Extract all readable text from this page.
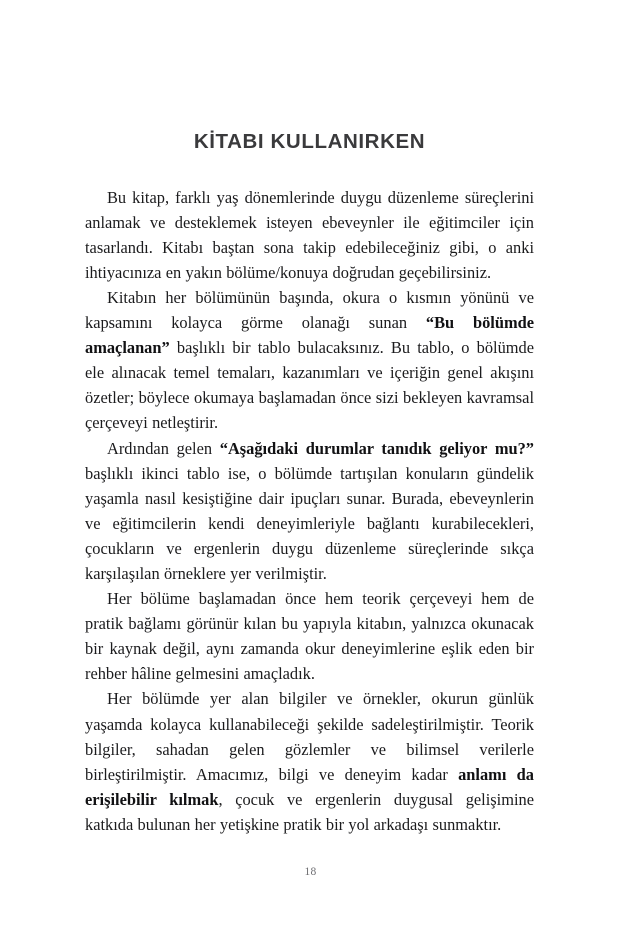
KİTABI KULLANIRKEN

Bu kitap, farklı yaş dönemlerinde duygu düzenleme süreçlerini anlamak ve desteklemek isteyen ebeveynler ile eğitimciler için tasarlandı. Kitabı baştan sona takip edebileceğiniz gibi, o anki ihtiyacınıza en yakın bölüme/konuya doğrudan geçebilirsiniz.

Kitabın her bölümünün başında, okura o kısmın yönünü ve kapsamını kolayca görme olanağı sunan “Bu bölümde amaçlanan” başlıklı bir tablo bulacaksınız. Bu tablo, o bölümde ele alınacak temel temaları, kazanımları ve içeriğin genel akışını özetler; böylece okumaya başlamadan önce sizi bekleyen kavramsal çerçeveyi netleştirir.

Ardından gelen “Aşağıdaki durumlar tanıdık geliyor mu?” başlıklı ikinci tablo ise, o bölümde tartışılan konuların gündelik yaşamla nasıl kesiştiğine dair ipuçları sunar. Burada, ebeveynlerin ve eğitimcilerin kendi deneyimleriyle bağlantı kurabilecekleri, çocukların ve ergenlerin duygu düzenleme süreçlerinde sıkça karşılaşılan örneklere yer verilmiştir.

Her bölüme başlamadan önce hem teorik çerçeveyi hem de pratik bağlamı görünür kılan bu yapıyla kitabın, yalnızca okunacak bir kaynak değil, aynı zamanda okur deneyimlerine eşlik eden bir rehber hâline gelmesini amaçladık.

Her bölümde yer alan bilgiler ve örnekler, okurun günlük yaşamda kolayca kullanabileceği şekilde sadeleştirilmiştir. Teorik bilgiler, sahadan gelen gözlemler ve bilimsel verilerle birleştirilmiştir. Amacımız, bilgi ve deneyim kadar anlamı da erişilebilir kılmak, çocuk ve ergenlerin duygusal gelişimine katkıda bulunan her yetişkine pratik bir yol arkadaşı sunmaktır.

18
